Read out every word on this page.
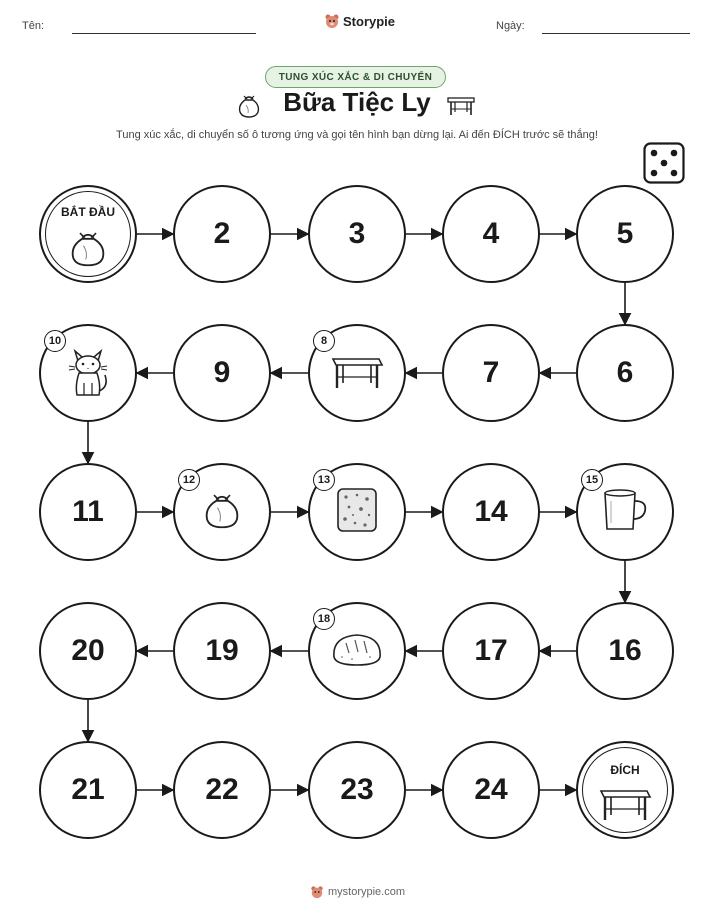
Tên:	Storypie	Ngày:
TUNG XÚC XẮC & DI CHUYỂN
Bữa Tiệc Ly
Tung xúc xắc, di chuyển số ô tương ứng và gọi tên hình bạn dừng lại. Ai đến ĐÍCH trước sẽ thắng!
BẮT ĐẦU
2	3	4	5
6
7
8
9
10
11
12	13
14
15
16
17
18
19
20
21	22	23	24
ĐÍCH
mystorypie.com
